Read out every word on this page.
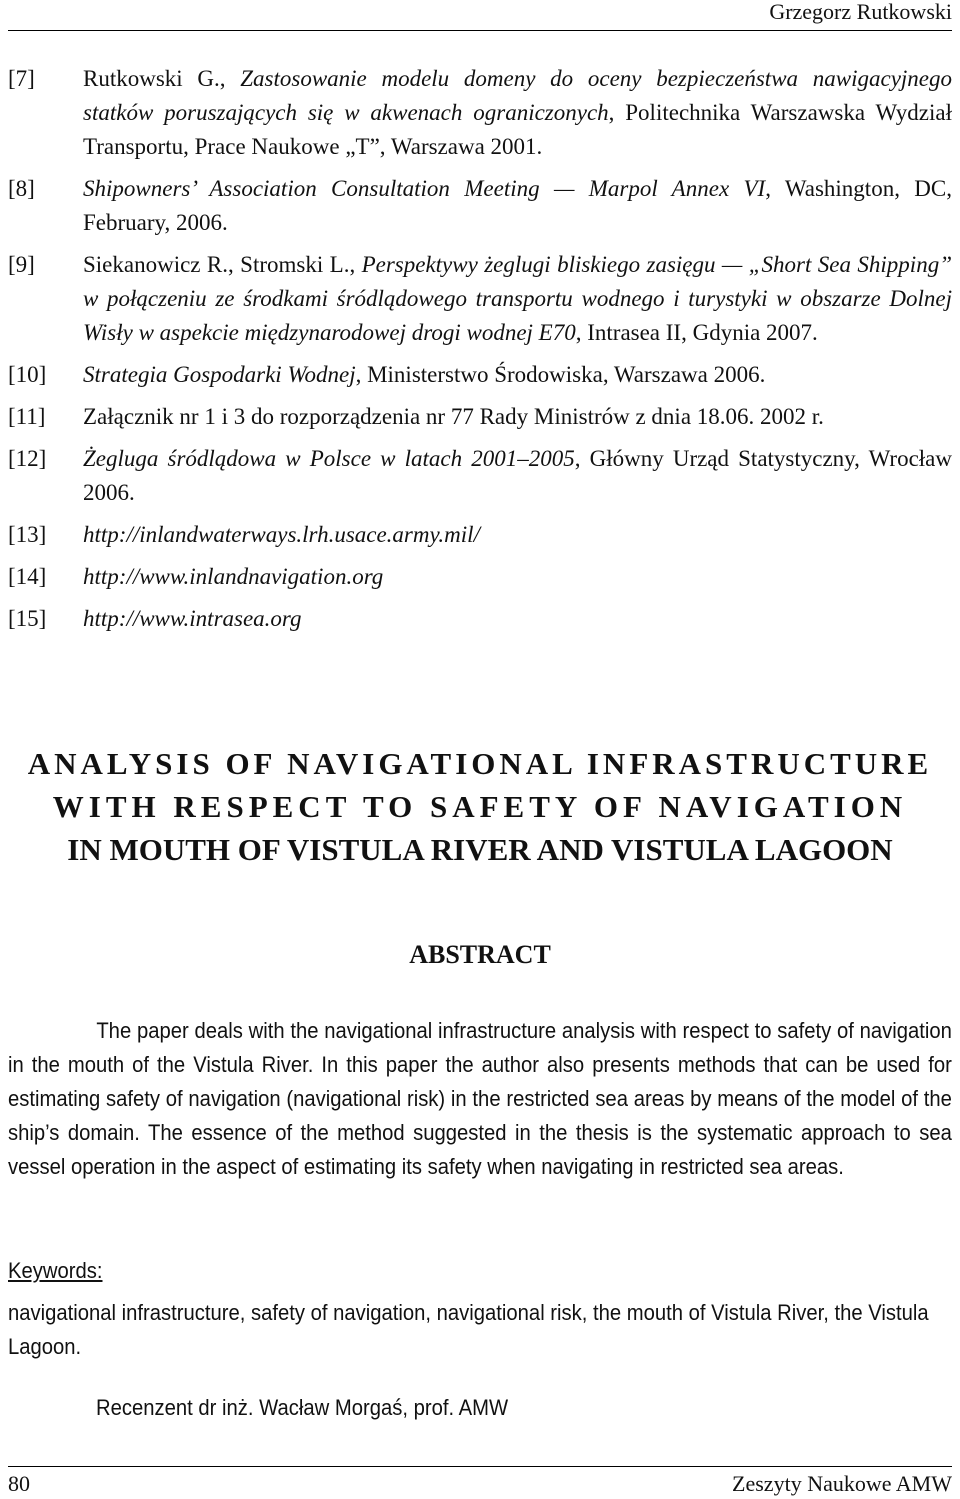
Grzegorz Rutkowski
[7]	Rutkowski G., Zastosowanie modelu domeny do oceny bezpieczeństwa nawigacyjnego statków poruszających się w akwenach ograniczonych, Politechnika Warszawska Wydział Transportu, Prace Naukowe „T”, Warszawa 2001.
[8]	Shipowners’ Association Consultation Meeting — Marpol Annex VI, Washington, DC, February, 2006.
[9]	Siekanowicz R., Stromski L., Perspektywy żeglugi bliskiego zasięgu — „Short Sea Shipping” w połączeniu ze środkami śródlądowego transportu wodnego i turystyki w obszarze Dolnej Wisły w aspekcie międzynarodowej drogi wodnej E70, Intrasea II, Gdynia 2007.
[10]	Strategia Gospodarki Wodnej, Ministerstwo Środowiska, Warszawa 2006.
[11]	Załącznik nr 1 i 3 do rozporządzenia nr 77 Rady Ministrów z dnia 18.06. 2002 r.
[12]	Żegluga śródlądowa w Polsce w latach 2001–2005, Główny Urząd Statystyczny, Wrocław 2006.
[13]	http://inlandwaterways.lrh.usace.army.mil/
[14]	http://www.inlandnavigation.org
[15]	http://www.intrasea.org
ANALYSIS OF NAVIGATIONAL INFRASTRUCTURE
WITH RESPECT TO SAFETY OF NAVIGATION
IN MOUTH OF VISTULA RIVER AND VISTULA LAGOON
ABSTRACT
The paper deals with the navigational infrastructure analysis with respect to safety of navigation in the mouth of the Vistula River. In this paper the author also presents methods that can be used for estimating safety of navigation (navigational risk) in the restricted sea areas by means of the model of the ship’s domain. The essence of the method suggested in the thesis is the systematic approach to sea vessel operation in the aspect of estimating its safety when navigating in restricted sea areas.
Keywords:
navigational infrastructure, safety of navigation, navigational risk, the mouth of Vistula River, the Vistula Lagoon.
Recenzent dr inż. Wacław Morgaś, prof. AMW
80	Zeszyty Naukowe AMW
